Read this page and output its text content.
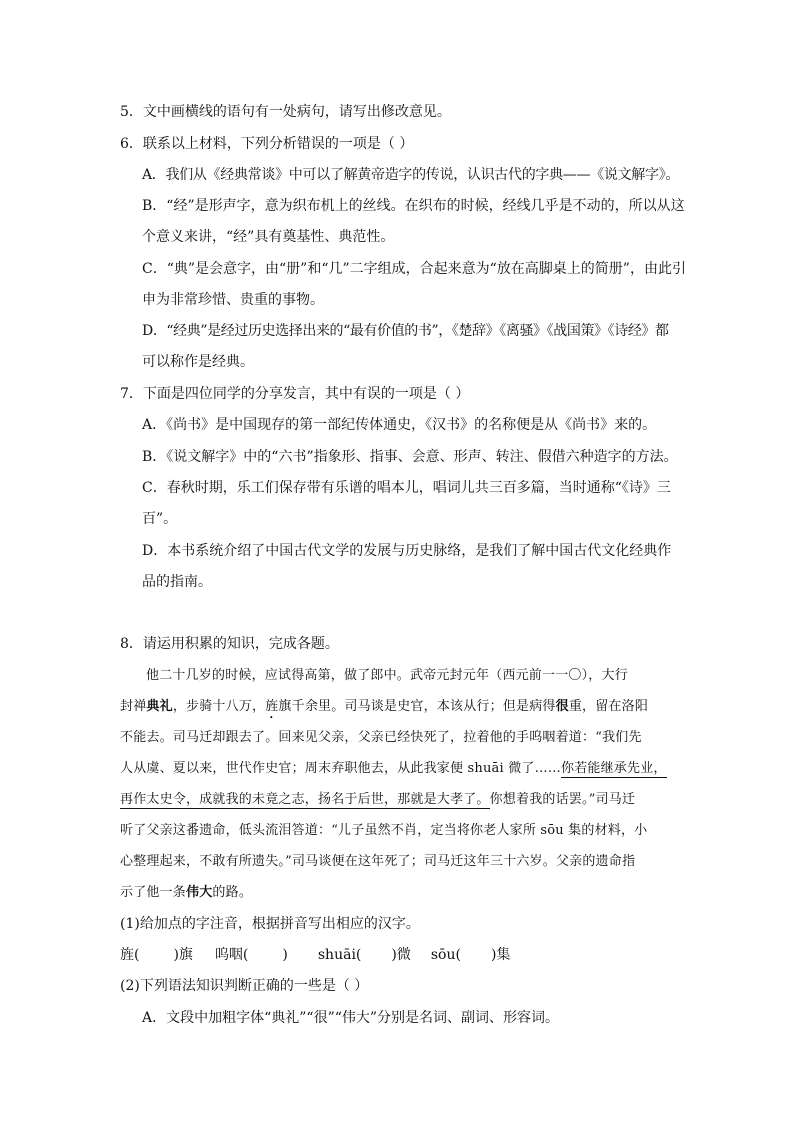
5．文中画横线的语句有一处病句，请写出修改意见。
6．联系以上材料，下列分析错误的一项是（ ）
A．我们从《经典常谈》中可以了解黄帝造字的传说，认识古代的字典——《说文解字》。
B．“经”是形声字，意为织布机上的丝线。在织布的时候，经线几乎是不动的，所以从这
个意义来讲，“经”具有奠基性、典范性。
C．“典”是会意字，由“册”和“几”二字组成，合起来意为“放在高脚桌上的简册”，由此引
申为非常珍惜、贵重的事物。
D．“经典”是经过历史选择出来的“最有价值的书”，《楚辞》《离骚》《战国策》《诗经》都
可以称作是经典。
7．下面是四位同学的分享发言，其中有误的一项是（ ）
A．《尚书》是中国现存的第一部纪传体通史，《汉书》的名称便是从《尚书》来的。
B．《说文解字》中的“六书”指象形、指事、会意、形声、转注、假借六种造字的方法。
C．春秋时期，乐工们保存带有乐谱的唱本儿，唱词儿共三百多篇，当时通称“《诗》三
百”。
D．本书系统介绍了中国古代文学的发展与历史脉络，是我们了解中国古代文化经典作
品的指南。
8．请运用积累的知识，完成各题。
他二十几岁的时候，应试得高第，做了郎中。武帝元封元年（西元前一一〇），大行
封禅典礼，步骑十八万，旌旗千余里。司马谈是史官，本该从行；但是病得很重，留在洛阳
不能去。司马迁却跟去了。回来见父亲，父亲已经快死了，拉着他的手呜咽着道：“我们先
人从虞、夏以来，世代作史官；周末弃职他去，从此我家便 shuāi 微了……你若能继承先业，
再作太史令，成就我的未竟之志，扬名于后世，那就是大孝了。你想着我的话罢。”司马迁
听了父亲这番遗命，低头流泪答道：“儿子虽然不肖，定当将你老人家所 sōu 集的材料，小
心整理起来，不敢有所遗失。”司马谈便在这年死了；司马迁这年三十六岁。父亲的遗命指
示了他一条伟大的路。
(1)给加点的字注音，根据拼音写出相应的汉字。
旌( )旗 呜咽( ) shuāi( )微 sōu( )集
(2)下列语法知识判断正确的一些是（ ）
A．文段中加粗字体“典礼”“很”“伟大”分别是名词、副词、形容词。
